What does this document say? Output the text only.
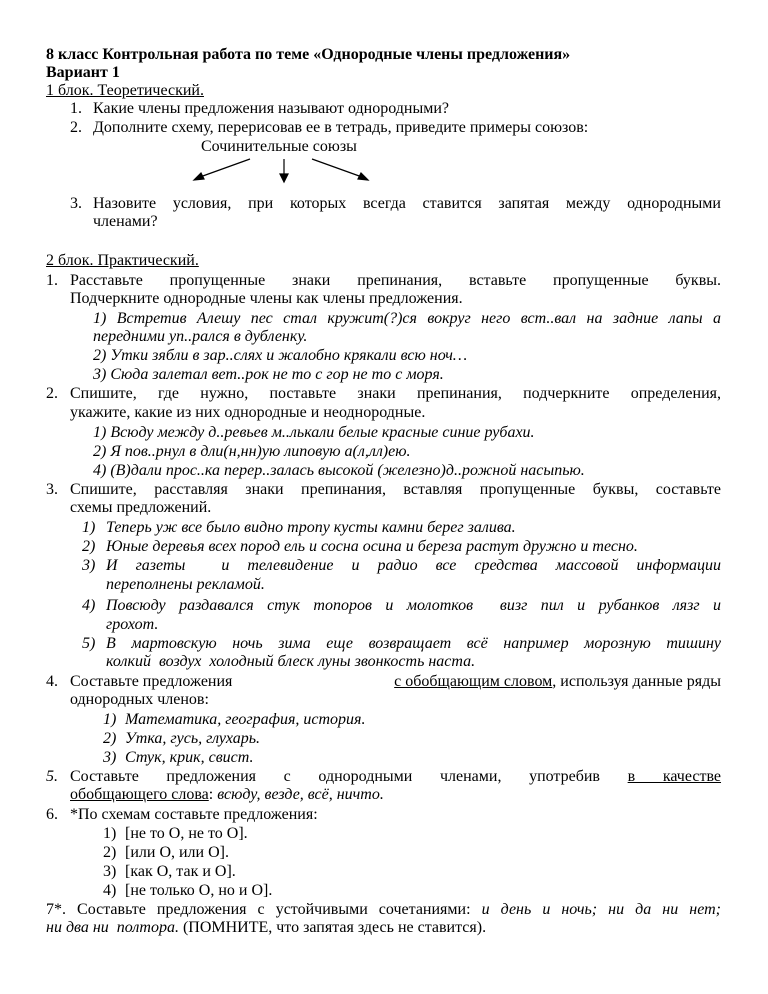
8 класс Контрольная работа по теме «Однородные члены предложения»
Вариант 1
1 блок. Теоретический.
1. Какие члены предложения называют однородными?
2. Дополните схему, перерисовав ее в тетрадь, приведите примеры союзов:
Сочинительные союзы
3. Назовите условия, при которых всегда ставится запятая между однородными
членами?
2 блок. Практический.
1. Расставьте пропущенные знаки препинания, вставьте пропущенные буквы.
Подчеркните однородные члены как члены предложения.
1) Встретив Алешу пес стал кружит(?)ся вокруг него вст..вал на задние лапы а
передними уп..рался в дубленку.
2) Утки зябли в зар..слях и жалобно крякали всю ноч…
3) Сюда залетал вет..рок не то с гор не то с моря.
2. Спишите, где нужно, поставьте знаки препинания, подчеркните определения,
укажите, какие из них однородные и неоднородные.
1) Всюду между д..ревьев м..лькали белые красные синие рубахи.
2) Я пов..рнул в дли(н,нн)ую липовую а(л,лл)ею.
4) (В)дали прос..ка перер..залась высокой (железно)д..рожной насыпью.
3. Спишите, расставляя знаки препинания, вставляя пропущенные буквы, составьте
схемы предложений.
1) Теперь уж все было видно тропу кусты камни берег залива.
2) Юные деревья всех пород ель и сосна осина и береза растут дружно и тесно.
3) И газеты  и телевидение и радио все средства массовой информации
переполнены рекламой.
4) Повсюду раздавался стук топоров и молотков  визг пил и рубанков лязг и
грохот.
5) В мартовскую ночь зима еще возвращает всё например морозную тишину
колкий  воздух  холодный блеск луны звонкость наста.
4. Составьте предложения	с обобщающим словом, используя данные ряды
однородных членов:
1) Математика, география, история.
2) Утка, гусь, глухарь.
3) Стук, крик, свист.
5. Составьте предложения с однородными членами, употребив в качестве
обобщающего слова: всюду, везде, всё, ничто.
6. *По схемам составьте предложения:
1) [не то О, не то О].
2) [или О, или О].
3) [как О, так и О].
4) [не только О, но и О].
7*. Составьте предложения с устойчивыми сочетаниями: и день и ночь; ни да ни нет;
ни два ни  полтора. (ПОМНИТЕ, что запятая здесь не ставится).
